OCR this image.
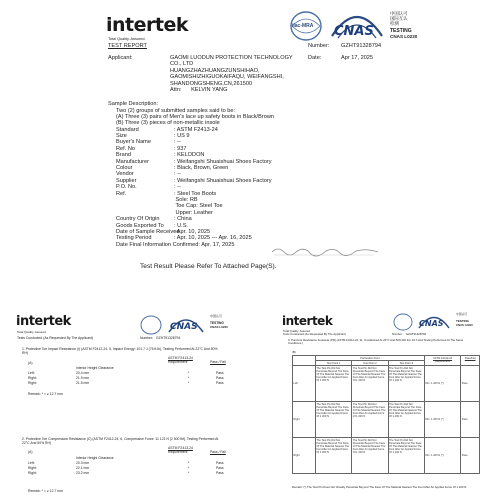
intertek
Total Quality. Assured.
TEST REPORT
ilac-MRA CNAS
中国认可
国际互认
检测
TESTING
CNAS L0220
Number: GZHT91328794
Applicant:	GAOMI LUODUN PROTECTION TECHNOLOGY
CO., LTD
HUANGZHAZHUANGZUNSHIHAO,
GAOMISHIZHIGUOKAIFAQU, WEIFANGSHI,
SHANDONGSHENG,CN,261500
Attn: KELVIN YANG
Date:	Apr 17, 2025
Sample Description:
Two (2) groups of submitted samples said to be:
(A) Three (3) pairs of Men's lace up safety boots in Black/Brown
(B) Three (3) pieces of non-metallic insole
Standard	: ASTM F2413-24
Size	: US 9
Buyer's Name	: --
Ref. No	: 937
Brand	: KELODON
Manufacturer	: Weifangshi Shuaishuai Shoes Factory
Colour	: Black, Brown, Green
Vendor	: --
Supplier	: Weifangshi Shuaishuai Shoes Factory
P.O. No.	: --
Ref.	: Steel Toe Boots
Sole: RB
Toe Cap: Steel Toe
Upper: Leather
Country Of Origin	: China
Goods Exported To : U.S.
Date of Sample Received: Apr. 10, 2025
Testing Period	: Apr. 10, 2025 --- Apr. 16, 2025
Date Final Information Confirmed: Apr. 17, 2025
Test Result Please Refer To Attached Page(S).
intertek
Total Quality. Assured.	CNAS
中国认可
TESTING
CNAS L0220
Number: GZHT91328794
Tests Conducted (As Requested By The Applicant)
1. Protective Toe Impact Resistance (I) (ASTM F2412-24, 5, Impact Energy: 101.7 J (75 ft-lb), Testing Performed At 22°C And 50% RH)
(A)
ASTM F2413-24
Requirement	Pass / Fail
Interior Height Clearance
Left:	20.4 mm	*	Pass
Right:	21.9 mm	*	Pass
Right:	21.5 mm	*	Pass
Remark: * = ≥ 12.7 mm
2. Protective Toe Compression Resistance (C) (ASTM F2412-24, 6, Compressive Force: 11 121 N (2 500 lbf), Testing Performed At 22°C And 50% RH)
(A)
ASTM F2413-24
Requirement	Pass / Fail
Interior Height Clearance
Left:	20.3 mm	*	Pass
Right:	22.1 mm	*	Pass
Right:	23.2 mm	*	Pass
Remark: * = ≥ 12.7 mm
intertek
Total Quality. Assured.
CNAS
中国认可
TESTING
CNAS L0220
Number: GZHT91328794
Tests Conducted (As Requested By The Applicant)
3. Puncture Resistance Footwear (PR) (ASTM F2412-24, 11, Conditioned At 22°C And 50% RH For 24 h And Testing Performed At The Same Conditions.)
(B)
	Perforation Point			ASTM F2413-24
Requirement	Pass/Fail
	Test Point 1	Test Point 2	Test Point 3		
Left	The Test Pin Did Not Penetrate Beyond The Face Of The Material Nearest The Foot After An Applied Force Of 1 200 N	The Test Pin Did Not Penetrate Beyond The Face Of The Material Nearest The Foot After An Applied Force Of 1 200 N	The Test Pin Did Not Penetrate Beyond The Face Of The Material Nearest The Foot After An Applied Force Of 1 200 N	Min. 1 200 N (*)	Pass
Right	The Test Pin Did Not Penetrate Beyond The Face Of The Material Nearest The Foot After An Applied Force Of 1 200 N	The Test Pin Did Not Penetrate Beyond The Face Of The Material Nearest The Foot After An Applied Force Of 1 200 N	The Test Pin Did Not Penetrate Beyond The Face Of The Material Nearest The Foot After An Applied Force Of 1 200 N	Min. 1 200 N (*)	Pass
Right	The Test Pin Did Not Penetrate Beyond The Face Of The Material Nearest The Foot After An Applied Force Of 1 200 N	The Test Pin Did Not Penetrate Beyond The Face Of The Material Nearest The Foot After An Applied Force Of 1 200 N	The Test Pin Did Not Penetrate Beyond The Face Of The Material Nearest The Foot After An Applied Force Of 1 200 N	Min. 1 200 N (*)	Pass
Remark: (*) The Test Pin Does Not Visually Penetrate Beyond The Face Of The Material Nearest The Foot After An Applied Force Of 1 200 N.
